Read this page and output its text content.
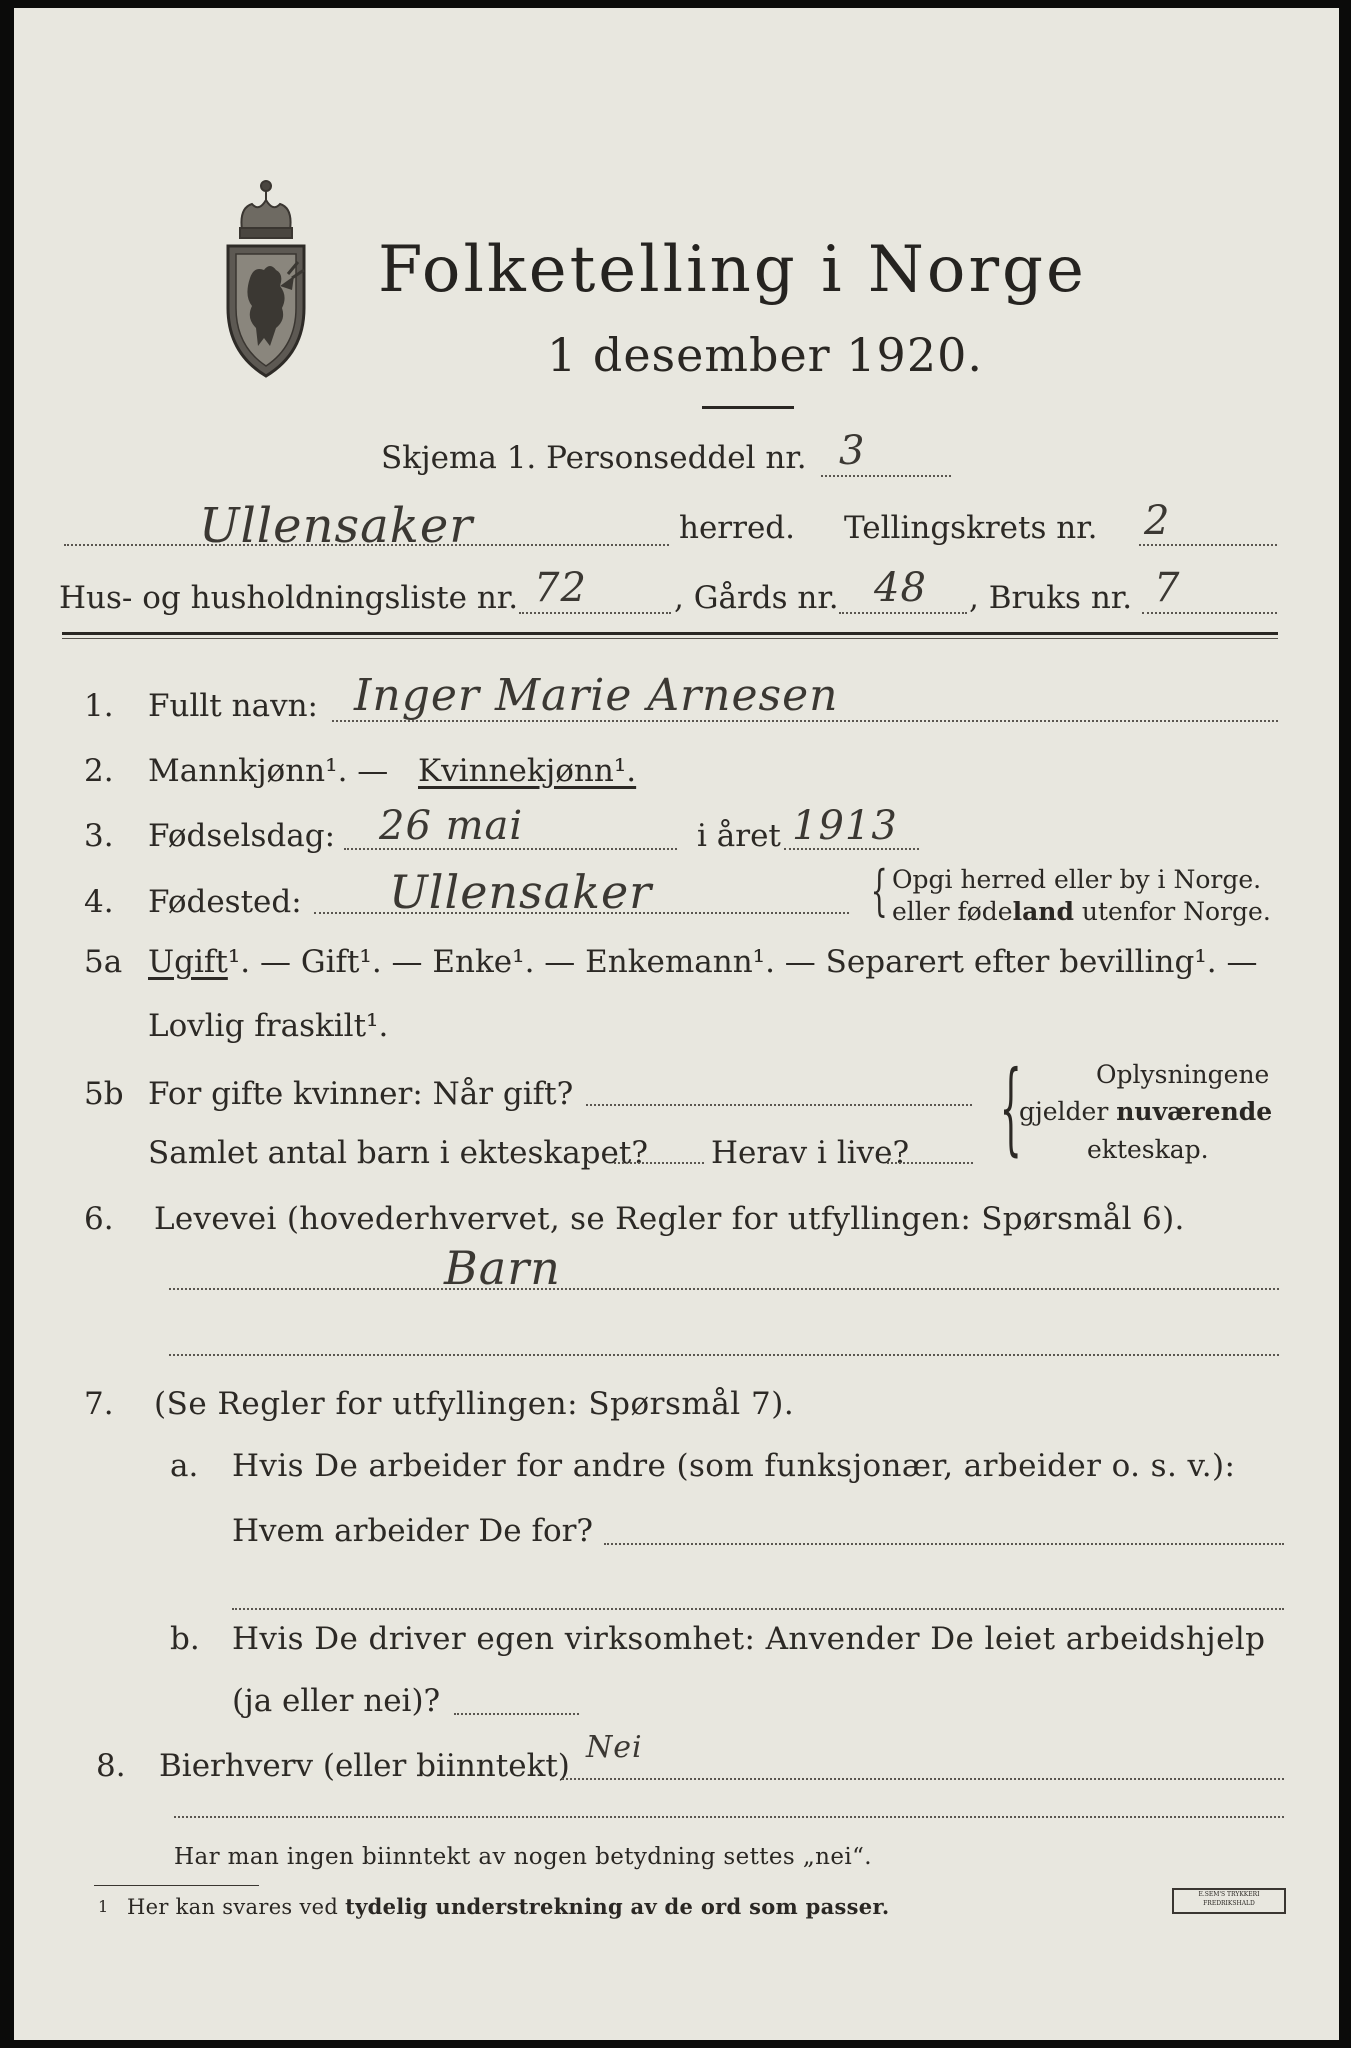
Folketelling i Norge
1 desember 1920.
Skjema 1. Personseddel nr. 3
Ullensaker	herred. Tellingskrets nr. 2
Hus- og husholdningsliste nr. 72	, Gårds nr. 48 , Bruks nr. 7
1. Fullt navn: Inger Marie Arnesen
2. Mannkjønn¹. — Kvinnekjønn¹.
3. Fødselsdag: 26 mai	i året 1913
4. Fødested: Ullensaker	{ Opgi herred eller by i Norge.
eller fødeland utenfor Norge.
5a Ugift¹. — Gift¹. — Enke¹. — Enkemann¹. — Separert efter bevilling¹. —
Lovlig fraskilt¹.
5b For gifte kvinner: Når gift?
Samlet antal barn i ekteskapet? Herav i live? {	Oplysningene
gjelder nuværende
ekteskap.
6. Levevei (hovederhvervet, se Regler for utfyllingen: Spørsmål 6).
Barn
7. (Se Regler for utfyllingen: Spørsmål 7).
a. Hvis De arbeider for andre (som funksjonær, arbeider o. s. v.):
Hvem arbeider De for?
b. Hvis De driver egen virksomhet: Anvender De leiet arbeidshjelp
(ja eller nei)?
8. Bierhverv (eller biinntekt)
Nei
Har man ingen biinntekt av nogen betydning settes „nei“.
1 Her kan svares ved tydelig understrekning av de ord som passer.	E.SEM'S TRYKKERI FREDRIKSHALD
